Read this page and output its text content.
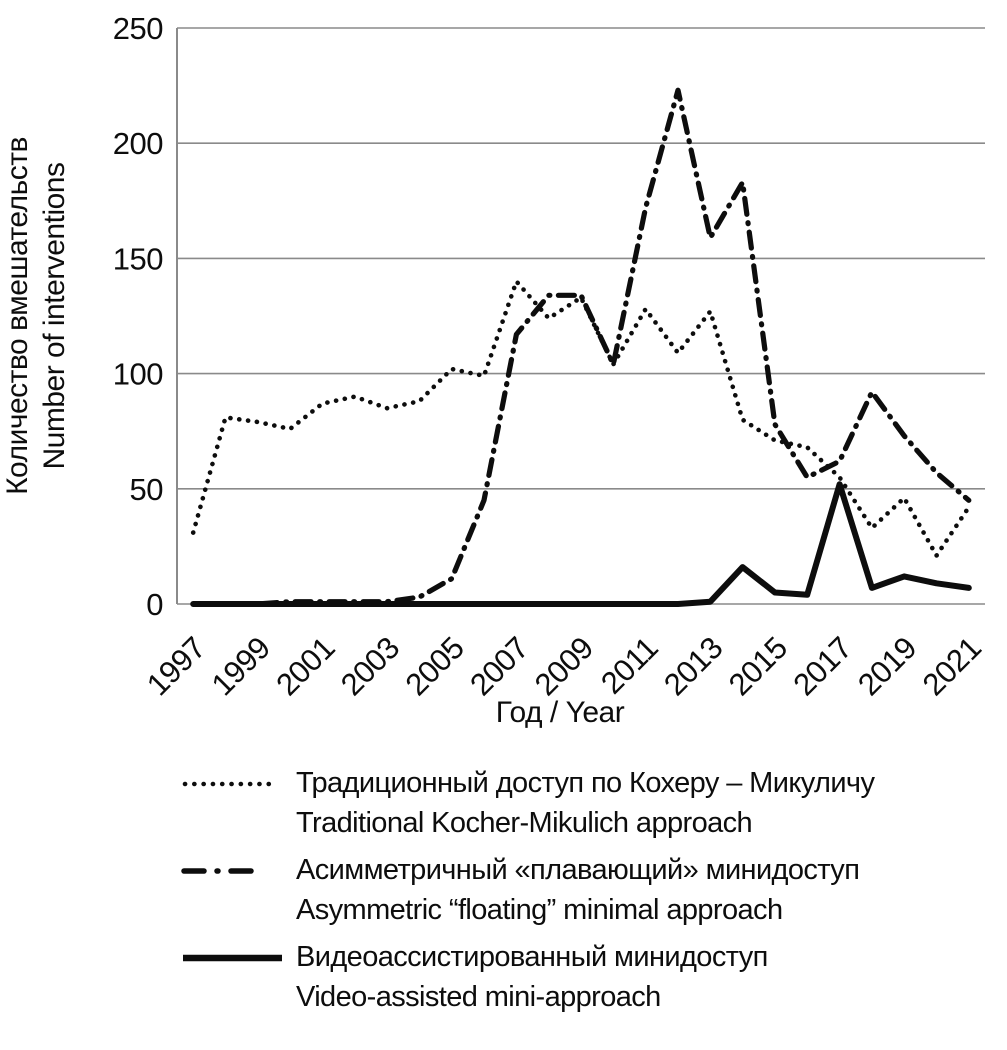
0
50
100
150
200
250
1997
1999
2001
2003
2005
2007
2009
2011
2013
2015
2017
2019
2021
Количество вмешательств Number of interventions
Год / Year
Традиционный доступ по Кохеру – Микуличу
Traditional Kocher-Mikulich approach
Асимметричный «плавающий» минидоступ
Asymmetric “floating” minimal approach
Видеоассистированный минидоступ
Video-assisted mini-approach
